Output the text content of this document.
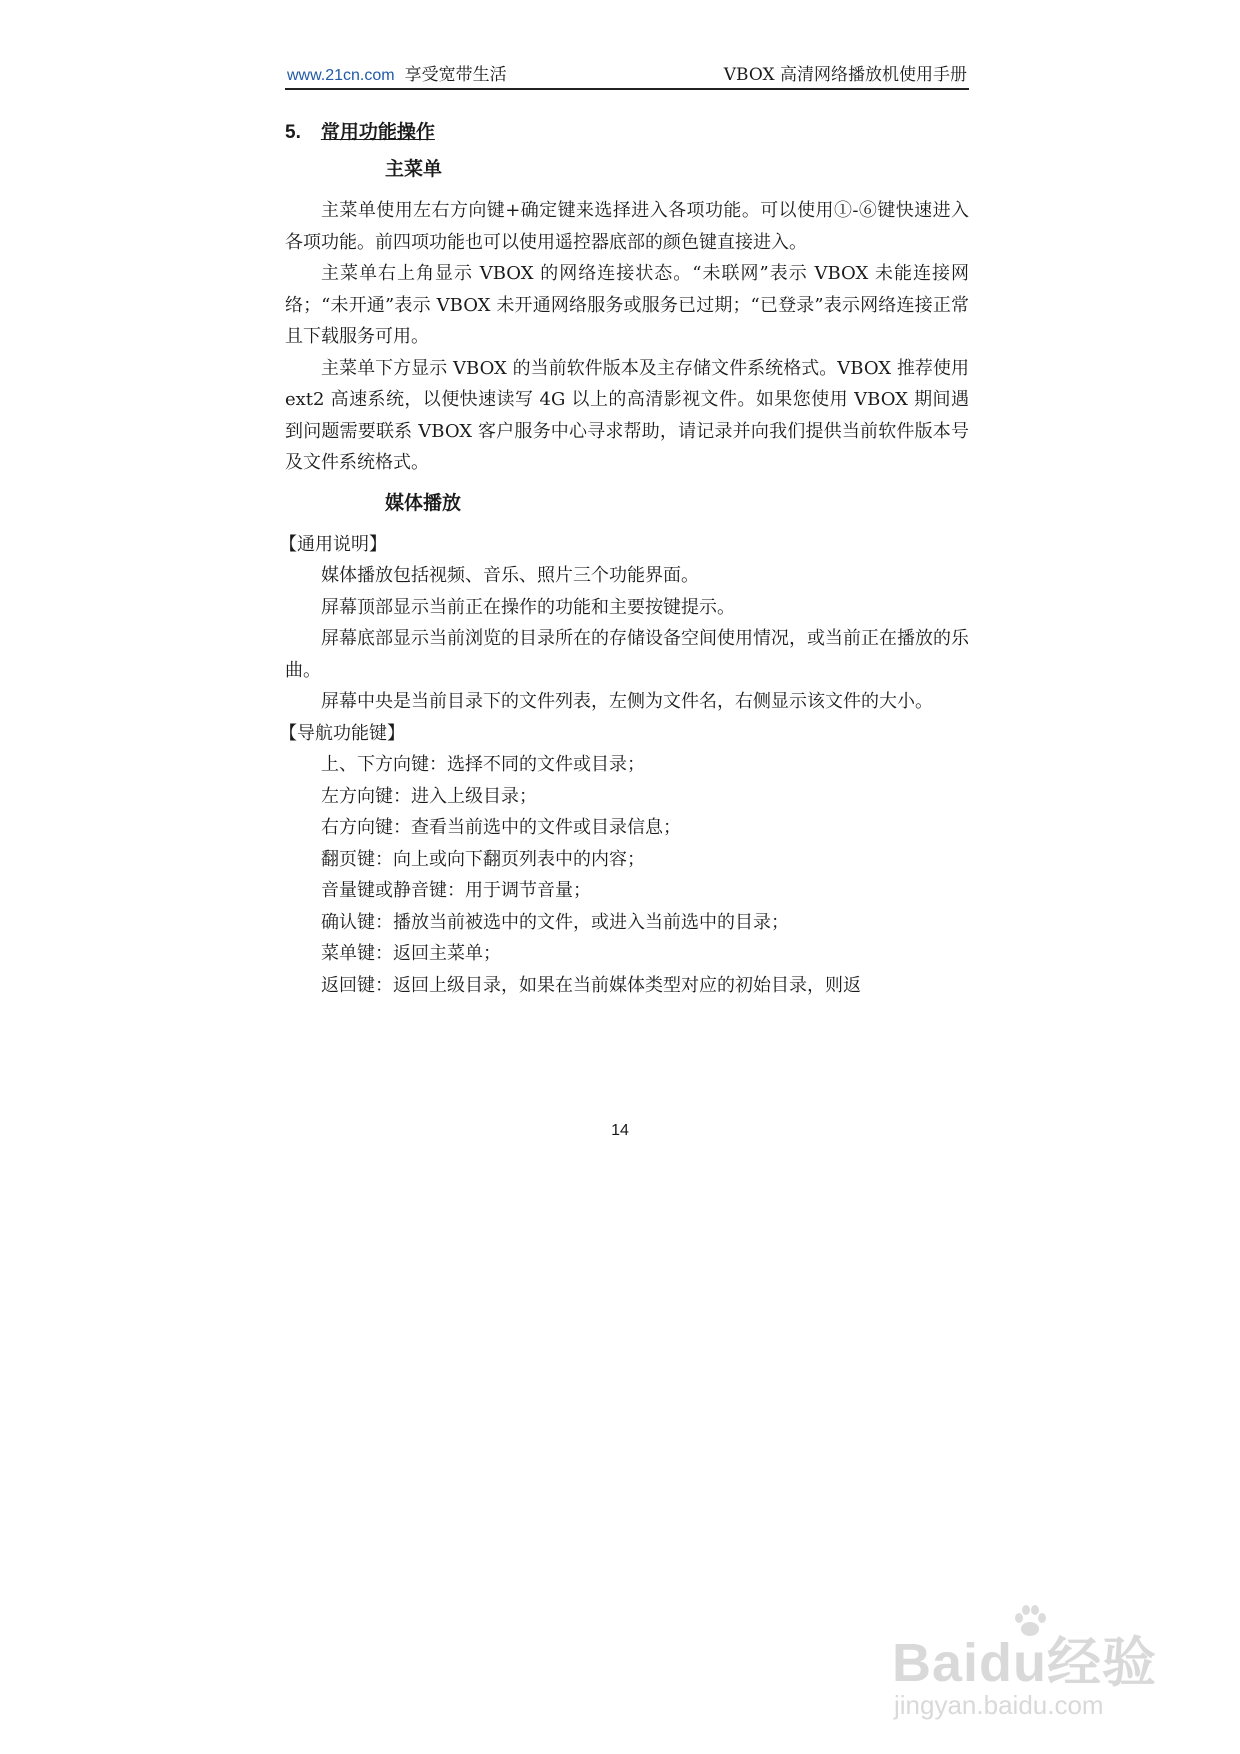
www.21cn.com 享受宽带生活	VBOX 高清网络播放机使用手册
5. 常用功能操作
主菜单

主菜单使用左右方向键+确定键来选择进入各项功能。可以使用①-⑥键快速进入各项功能。前四项功能也可以使用遥控器底部的颜色键直接进入。

主菜单右上角显示 VBOX 的网络连接状态。“未联网”表示 VBOX 未能连接网络；“未开通”表示 VBOX 未开通网络服务或服务已过期；“已登录”表示网络连接正常且下载服务可用。

主菜单下方显示 VBOX 的当前软件版本及主存储文件系统格式。VBOX 推荐使用 ext2 高速系统，以便快速读写 4G 以上的高清影视文件。如果您使用 VBOX 期间遇到问题需要联系 VBOX 客户服务中心寻求帮助，请记录并向我们提供当前软件版本号及文件系统格式。

媒体播放

【通用说明】

媒体播放包括视频、音乐、照片三个功能界面。

屏幕顶部显示当前正在操作的功能和主要按键提示。

屏幕底部显示当前浏览的目录所在的存储设备空间使用情况，或当前正在播放的乐曲。

屏幕中央是当前目录下的文件列表，左侧为文件名，右侧显示该文件的大小。

【导航功能键】

上、下方向键：选择不同的文件或目录；

左方向键：进入上级目录；

右方向键：查看当前选中的文件或目录信息；

翻页键：向上或向下翻页列表中的内容；

音量键或静音键：用于调节音量；

确认键：播放当前被选中的文件，或进入当前选中的目录；

菜单键：返回主菜单；

返回键：返回上级目录，如果在当前媒体类型对应的初始目录，则返

14
Baidu经验
jingyan.baidu.com
